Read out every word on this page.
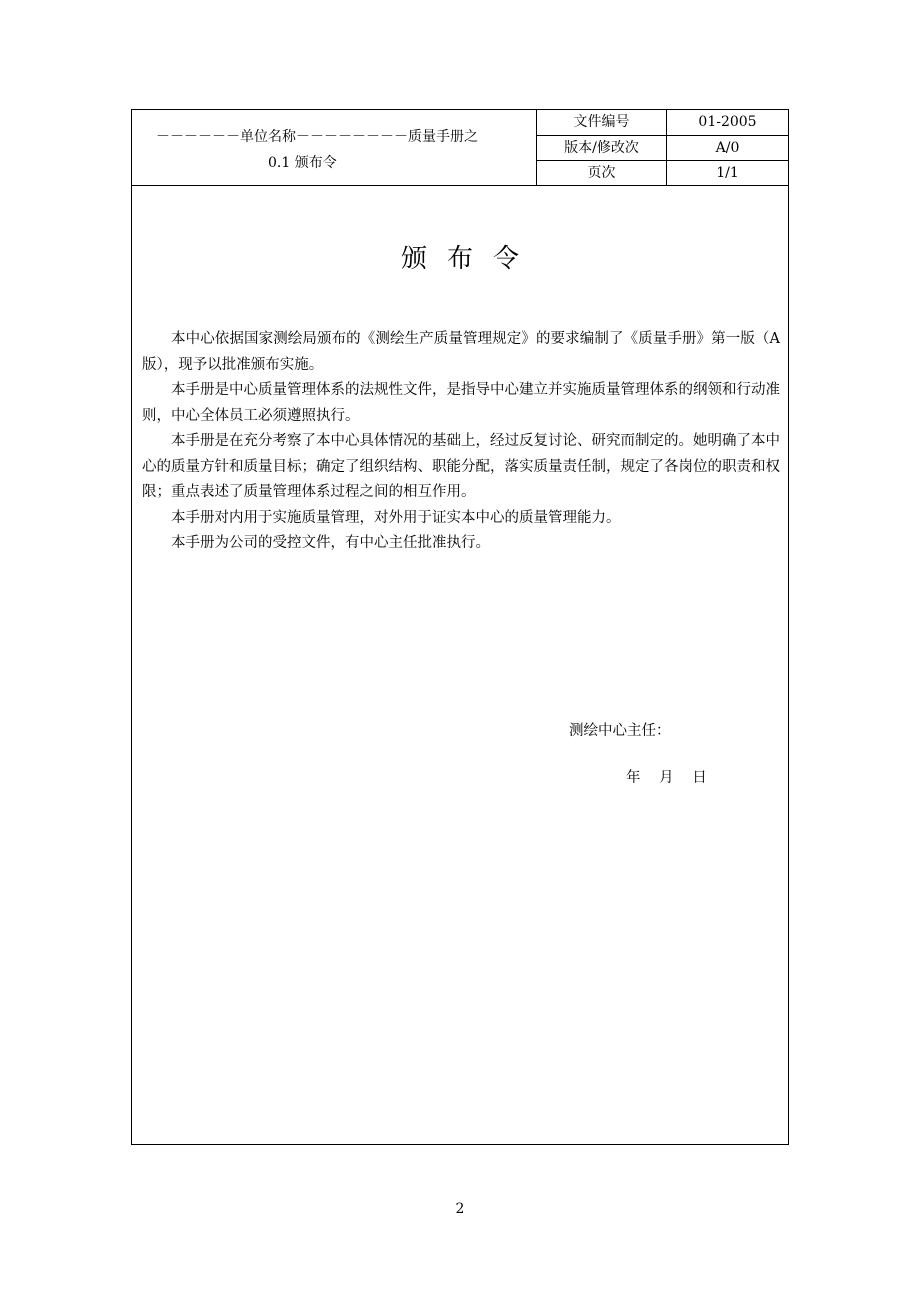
－－－－－－单位名称－－－－－－－－质量手册之
0.1 颁布令
文件编号	01-2005
版本/修改次	A/0
页次	1/1
颁布令

本中心依据国家测绘局颁布的《测绘生产质量管理规定》的要求编制了《质量手册》第一版（A版），现予以批准颁布实施。

本手册是中心质量管理体系的法规性文件，是指导中心建立并实施质量管理体系的纲领和行动准则，中心全体员工必须遵照执行。

本手册是在充分考察了本中心具体情况的基础上，经过反复讨论、研究而制定的。她明确了本中心的质量方针和质量目标；确定了组织结构、职能分配，落实质量责任制，规定了各岗位的职责和权限；重点表述了质量管理体系过程之间的相互作用。

本手册对内用于实施质量管理，对外用于证实本中心的质量管理能力。

本手册为公司的受控文件，有中心主任批准执行。

测绘中心主任：
年 月 日
2
